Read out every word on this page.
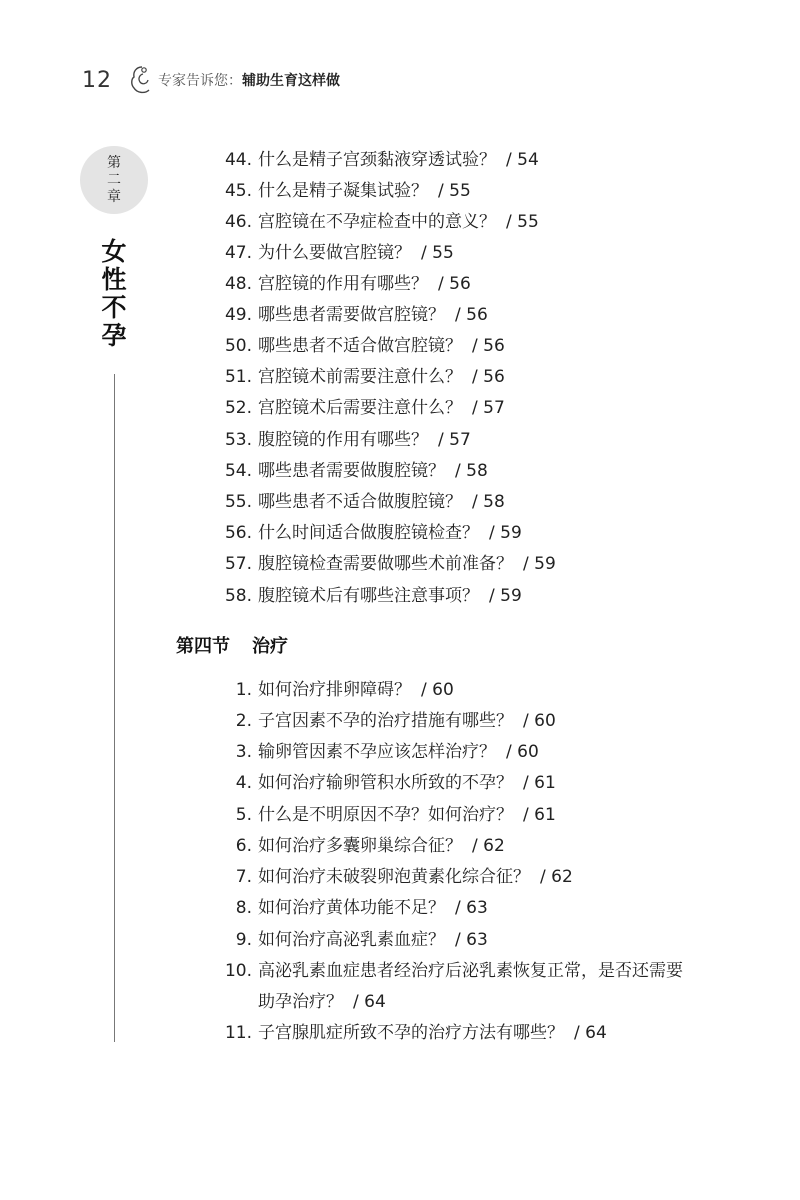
12	专家告诉您： 辅助生育这样做
第
二
章
女
性
不
孕
44. 什么是精子宫颈黏液穿透试验？ / 54
45. 什么是精子凝集试验？ / 55
46. 宫腔镜在不孕症检查中的意义？ / 55
47. 为什么要做宫腔镜？ / 55
48. 宫腔镜的作用有哪些？ / 56
49. 哪些患者需要做宫腔镜？ / 56
50. 哪些患者不适合做宫腔镜？ / 56
51. 宫腔镜术前需要注意什么？ / 56
52. 宫腔镜术后需要注意什么？ / 57
53. 腹腔镜的作用有哪些？ / 57
54. 哪些患者需要做腹腔镜？ / 58
55. 哪些患者不适合做腹腔镜？ / 58
56. 什么时间适合做腹腔镜检查？ / 59
57. 腹腔镜检查需要做哪些术前准备？ / 59
58. 腹腔镜术后有哪些注意事项？ / 59
第四节 治疗
1. 如何治疗排卵障碍？ / 60
2. 子宫因素不孕的治疗措施有哪些？ / 60
3. 输卵管因素不孕应该怎样治疗？ / 60
4. 如何治疗输卵管积水所致的不孕？ / 61
5. 什么是不明原因不孕？如何治疗？ / 61
6. 如何治疗多囊卵巢综合征？ / 62
7. 如何治疗未破裂卵泡黄素化综合征？ / 62
8. 如何治疗黄体功能不足？ / 63
9. 如何治疗高泌乳素血症？ / 63
10. 高泌乳素血症患者经治疗后泌乳素恢复正常，是否还需要
助孕治疗？ / 64
11. 子宫腺肌症所致不孕的治疗方法有哪些？ / 64
